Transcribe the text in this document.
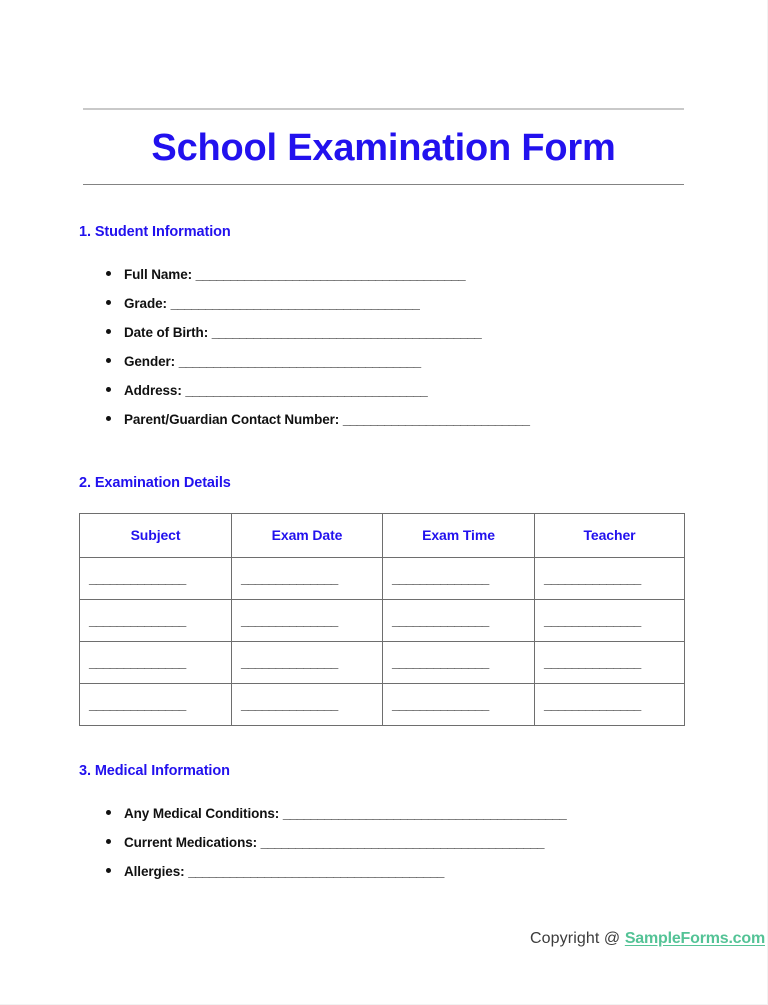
School Examination Form
1. Student Information
Full Name: _______________________________________
Grade: ____________________________________
Date of Birth: _______________________________________
Gender: ___________________________________
Address: ___________________________________
Parent/Guardian Contact Number: ___________________________
2. Examination Details
Subject	Exam Date	Exam Time	Teacher
______________	______________	______________	______________
______________	______________	______________	______________
______________	______________	______________	______________
______________	______________	______________	______________
3. Medical Information
Any Medical Conditions: _________________________________________
Current Medications: _________________________________________
Allergies: _____________________________________
Copyright @ SampleForms.com
